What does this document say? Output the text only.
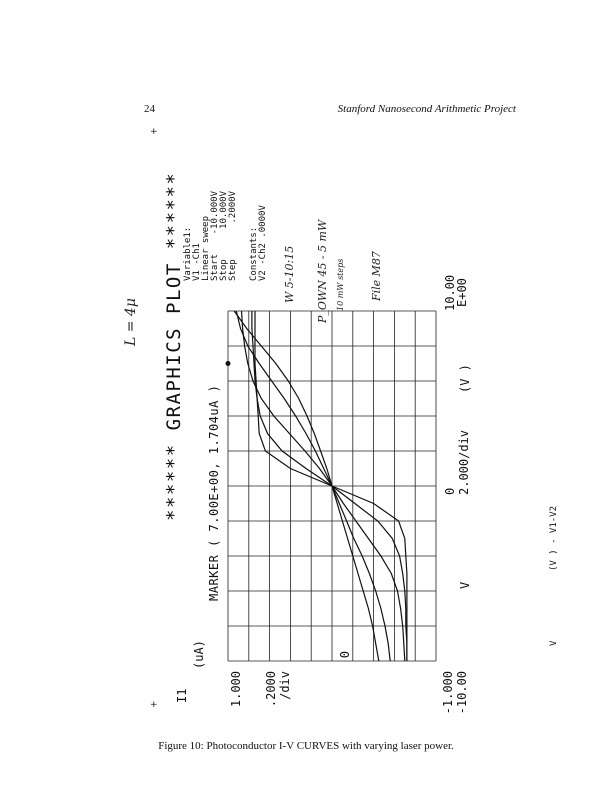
24	Stanford Nanosecond Arithmetic Project
+
+
****** GRAPHICS PLOT ****** MARKER ( 7.00E+00, 1.704uA )
I1
(uA)
1.000 .2000 /div
0
-1.000 -10.00
V
0 2.000/div
(V )
10.00
E+00
V
(V ) - V1-V2
Variable1: V1 -Ch1 Linear sweep Start
-10.000V
Stop
10.000V
Step
.2000V
Constants: V2 -Ch2 .0000V W 5-10:15 P_OWN 45 - 5 mW 10 mW steps File M87
L = 4μ
Figure 10: Photoconductor I-V CURVES with varying laser power.
